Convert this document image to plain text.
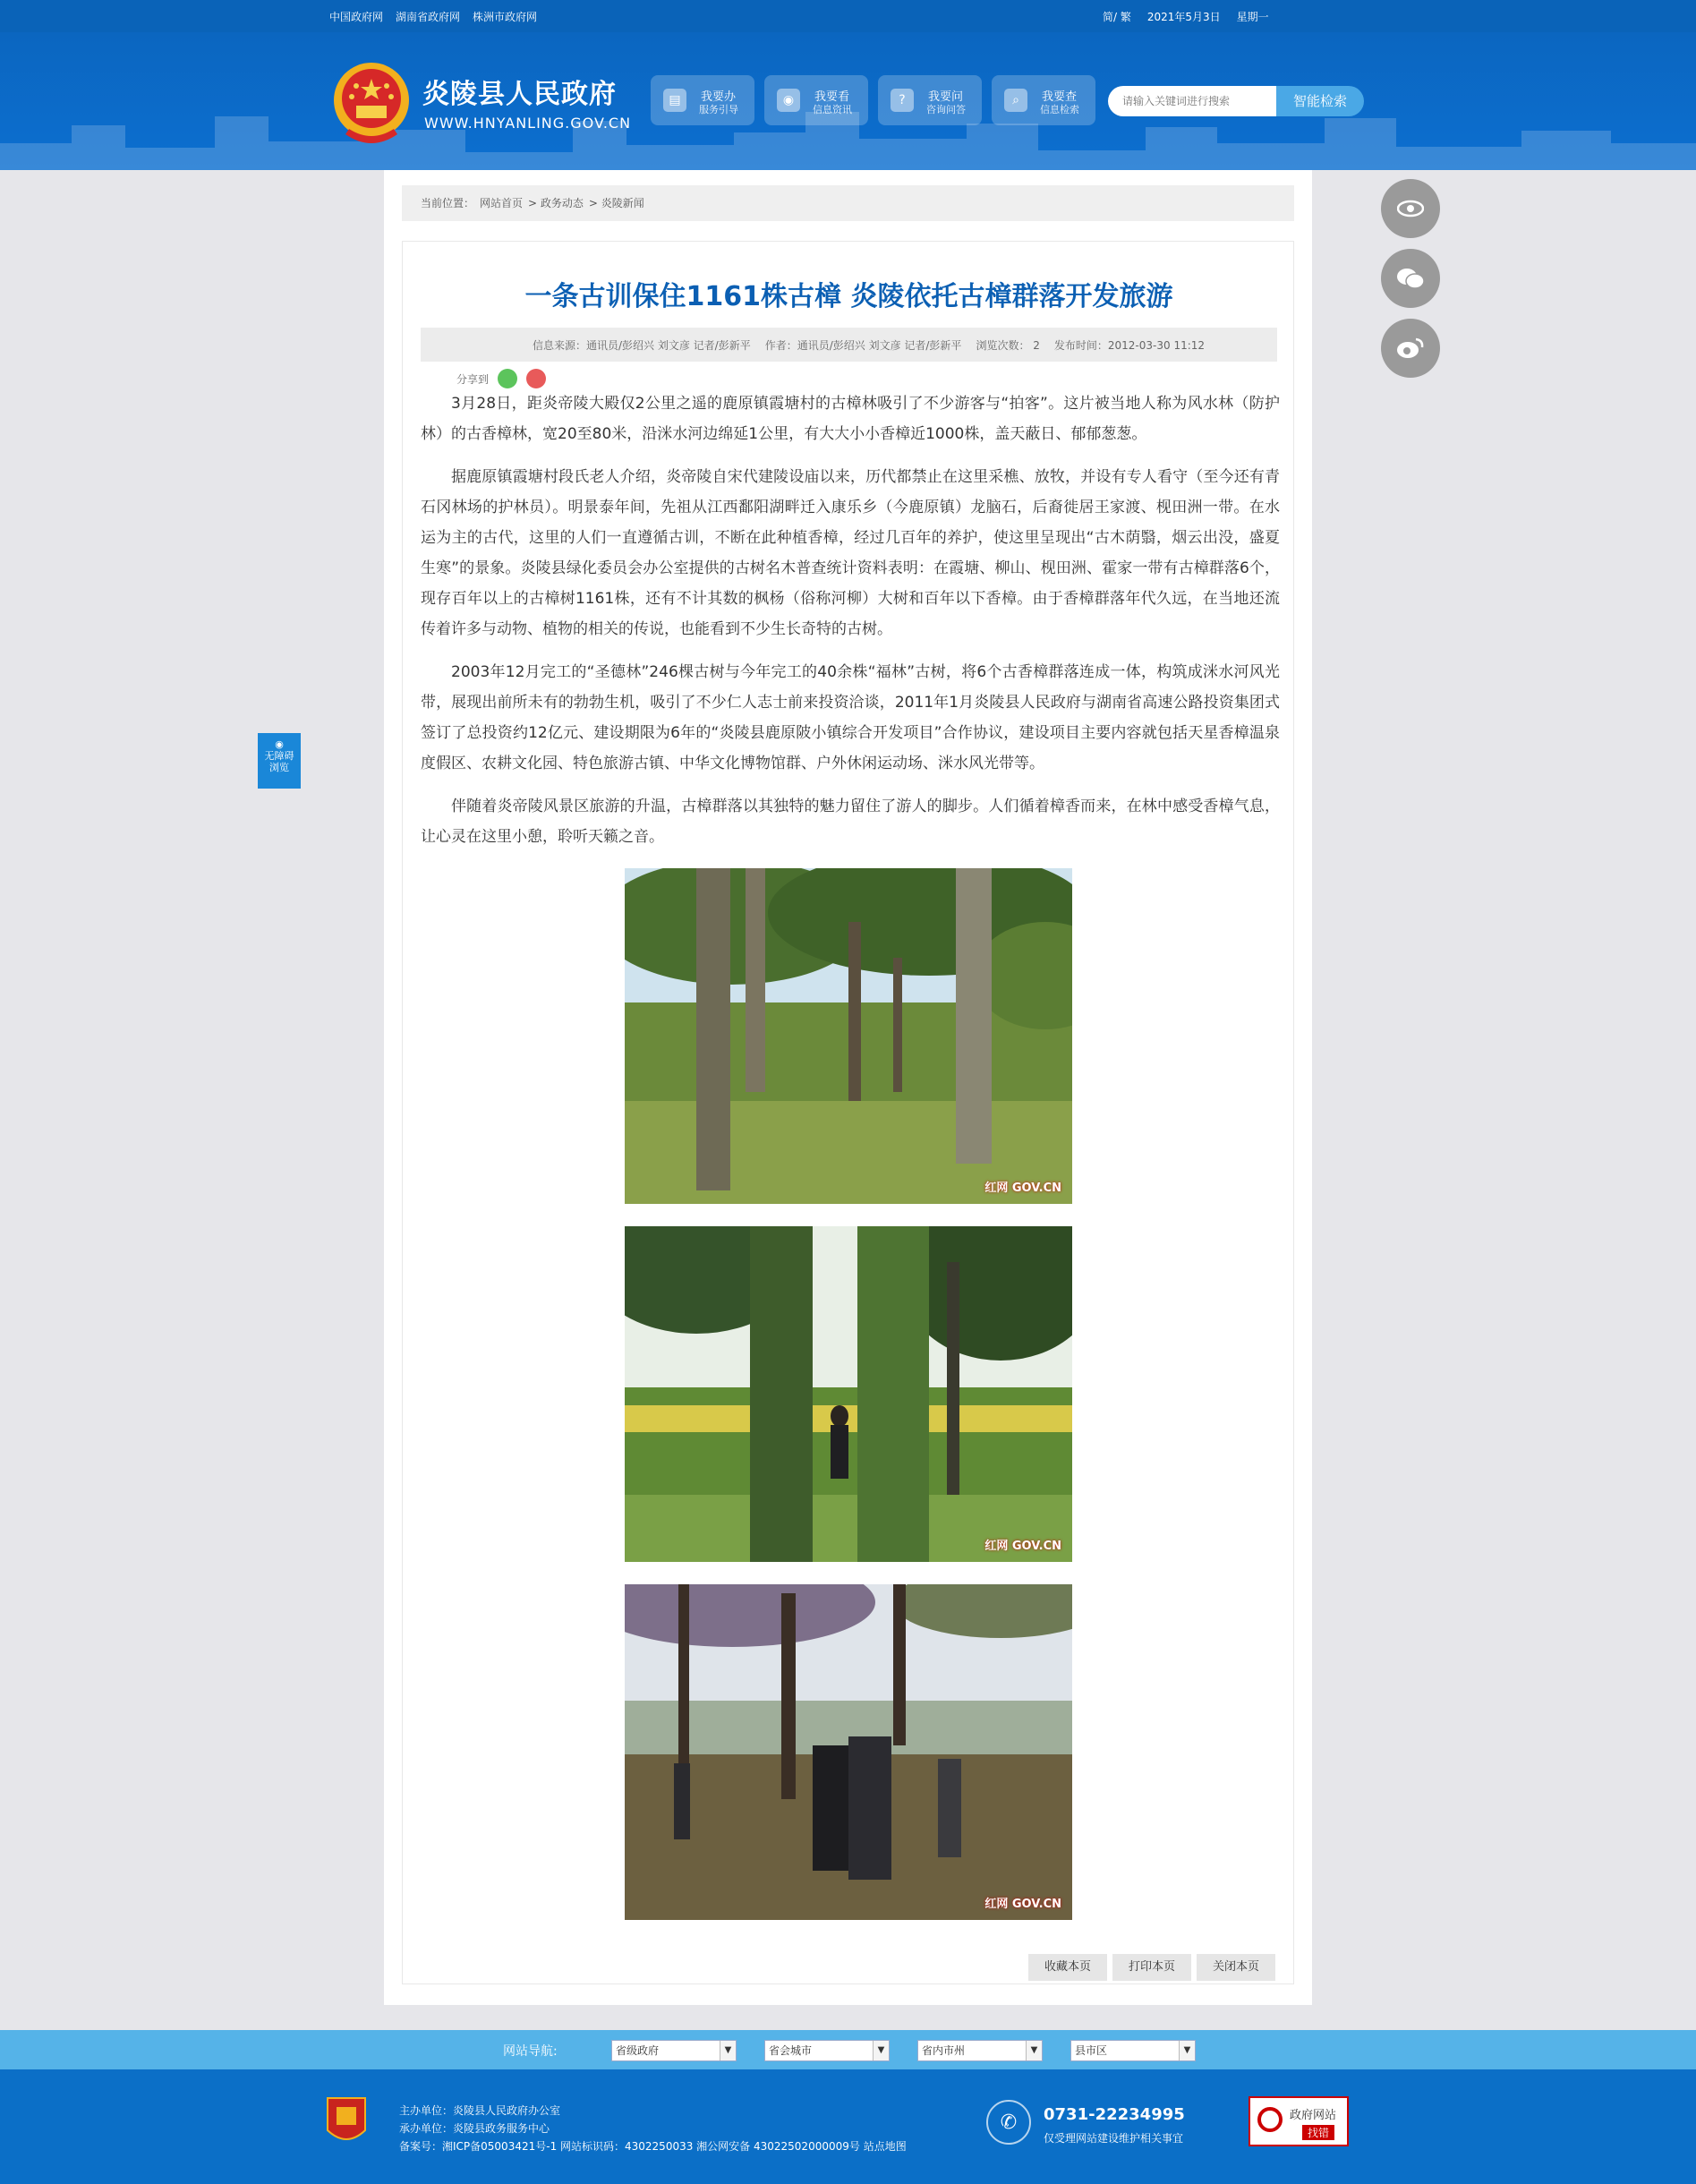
中国政府网 湖南省政府网 株洲市政府网	简/ 繁 2021年5月3日 星期一
炎陵县人民政府
WWW.HNYANLING.GOV.CN
▤	我要办
服务引导
◉	我要看
信息资讯
?	我要问
咨询问答
⌕	我要查
信息检索
请输入关键词进行搜索
智能检索
当前位置： 网站首页 > 政务动态 > 炎陵新闻
一条古训保住1161株古樟 炎陵依托古樟群落开发旅游
信息来源：通讯员/彭绍兴 刘文彦 记者/彭新平 作者：通讯员/彭绍兴 刘文彦 记者/彭新平 浏览次数： 2 发布时间：2012-03-30 11:12
分享到

3月28日，距炎帝陵大殿仅2公里之遥的鹿原镇霞塘村的古樟林吸引了不少游客与“拍客”。这片被当地人称为风水林（防护林）的古香樟林，宽20至80米，沿洣水河边绵延1公里，有大大小小香樟近1000株，盖天蔽日、郁郁葱葱。

据鹿原镇霞塘村段氏老人介绍，炎帝陵自宋代建陵设庙以来，历代都禁止在这里采樵、放牧，并设有专人看守（至今还有青石冈林场的护林员）。明景泰年间，先祖从江西鄱阳湖畔迁入康乐乡（今鹿原镇）龙脑石，后裔徙居王家渡、枧田洲一带。在水运为主的古代，这里的人们一直遵循古训，不断在此种植香樟，经过几百年的养护，使这里呈现出“古木荫翳，烟云出没，盛夏生寒”的景象。炎陵县绿化委员会办公室提供的古树名木普查统计资料表明：在霞塘、柳山、枧田洲、霍家一带有古樟群落6个，现存百年以上的古樟树1161株，还有不计其数的枫杨（俗称河柳）大树和百年以下香樟。由于香樟群落年代久远，在当地还流传着许多与动物、植物的相关的传说，也能看到不少生长奇特的古树。

2003年12月完工的“圣德林”246棵古树与今年完工的40余株“福林”古树，将6个古香樟群落连成一体，构筑成洣水河风光带，展现出前所未有的勃勃生机，吸引了不少仁人志士前来投资洽谈，2011年1月炎陵县人民政府与湖南省高速公路投资集团式签订了总投资约12亿元、建设期限为6年的“炎陵县鹿原陂小镇综合开发项目”合作协议，建设项目主要内容就包括天星香樟温泉度假区、农耕文化园、特色旅游古镇、中华文化博物馆群、户外休闲运动场、洣水风光带等。

伴随着炎帝陵风景区旅游的升温，古樟群落以其独特的魅力留住了游人的脚步。人们循着樟香而来，在林中感受香樟气息，让心灵在这里小憩，聆听天籁之音。

红网 GOV.CN
红网 GOV.CN
红网 GOV.CN
收藏本页	打印本页	关闭本页
◉
无障碍
浏览
网站导航:	省级政府	▼	省会城市	▼	省内市州	▼	县市区	▼
主办单位：炎陵县人民政府办公室
承办单位：炎陵县政务服务中心
备案号：湘ICP备05003421号-1 网站标识码：4302250033 湘公网安备 43022502000009号 站点地图
✆	0731-22234995
仅受理网站建设维护相关事宜
政府网站
找错
